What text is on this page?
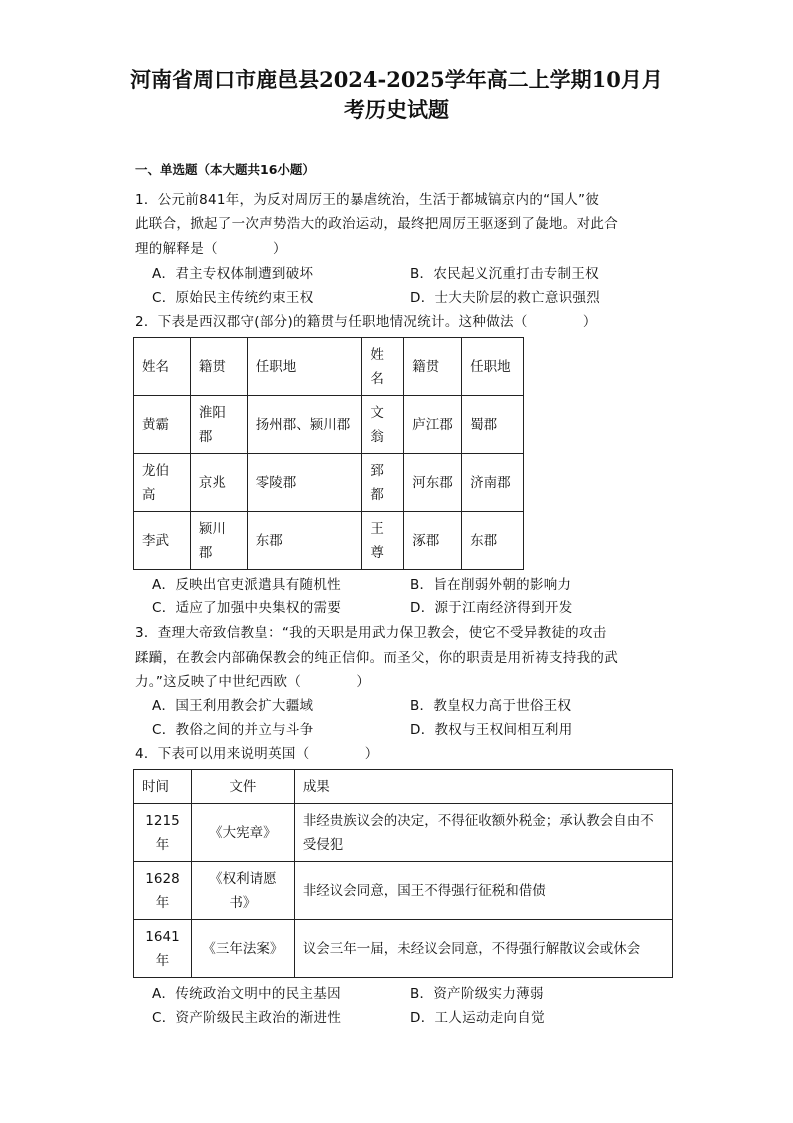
河南省周口市鹿邑县2024-2025学年高二上学期10月月
考历史试题
一、单选题（本大题共16小题）
1．公元前841年，为反对周厉王的暴虐统治，生活于都城镐京内的“国人”彼
此联合，掀起了一次声势浩大的政治运动，最终把周厉王驱逐到了彘地。对此合
理的解释是（　　　　）
A．君主专权体制遭到破坏	B．农民起义沉重打击专制王权
C．原始民主传统约束王权	D．士大夫阶层的救亡意识强烈
2．下表是西汉郡守(部分)的籍贯与任职地情况统计。这种做法（　　　　）
姓名	籍贯	任职地	姓名	籍贯	任职地
黄霸	淮阳郡	扬州郡、颍川郡	文翁	庐江郡	蜀郡
龙伯高	京兆	零陵郡	郅都	河东郡	济南郡
李武	颍川郡	东郡	王尊	涿郡	东郡
A．反映出官吏派遣具有随机性	B．旨在削弱外朝的影响力
C．适应了加强中央集权的需要	D．源于江南经济得到开发
3．查理大帝致信教皇：“我的天职是用武力保卫教会，使它不受异教徒的攻击
蹂躏，在教会内部确保教会的纯正信仰。而圣父，你的职责是用祈祷支持我的武
力。”这反映了中世纪西欧（　　　　）
A．国王利用教会扩大疆域	B．教皇权力高于世俗王权
C．教俗之间的并立与斗争	D．教权与王权间相互利用
4．下表可以用来说明英国（　　　　）
时间	文件	成果
1215年	《大宪章》	非经贵族议会的决定，不得征收额外税金；承认教会自由不受侵犯
1628年	《权利请愿书》	非经议会同意，国王不得强行征税和借债
1641年	《三年法案》	议会三年一届，未经议会同意，不得强行解散议会或休会
A．传统政治文明中的民主基因	B．资产阶级实力薄弱
C．资产阶级民主政治的渐进性	D．工人运动走向自觉
